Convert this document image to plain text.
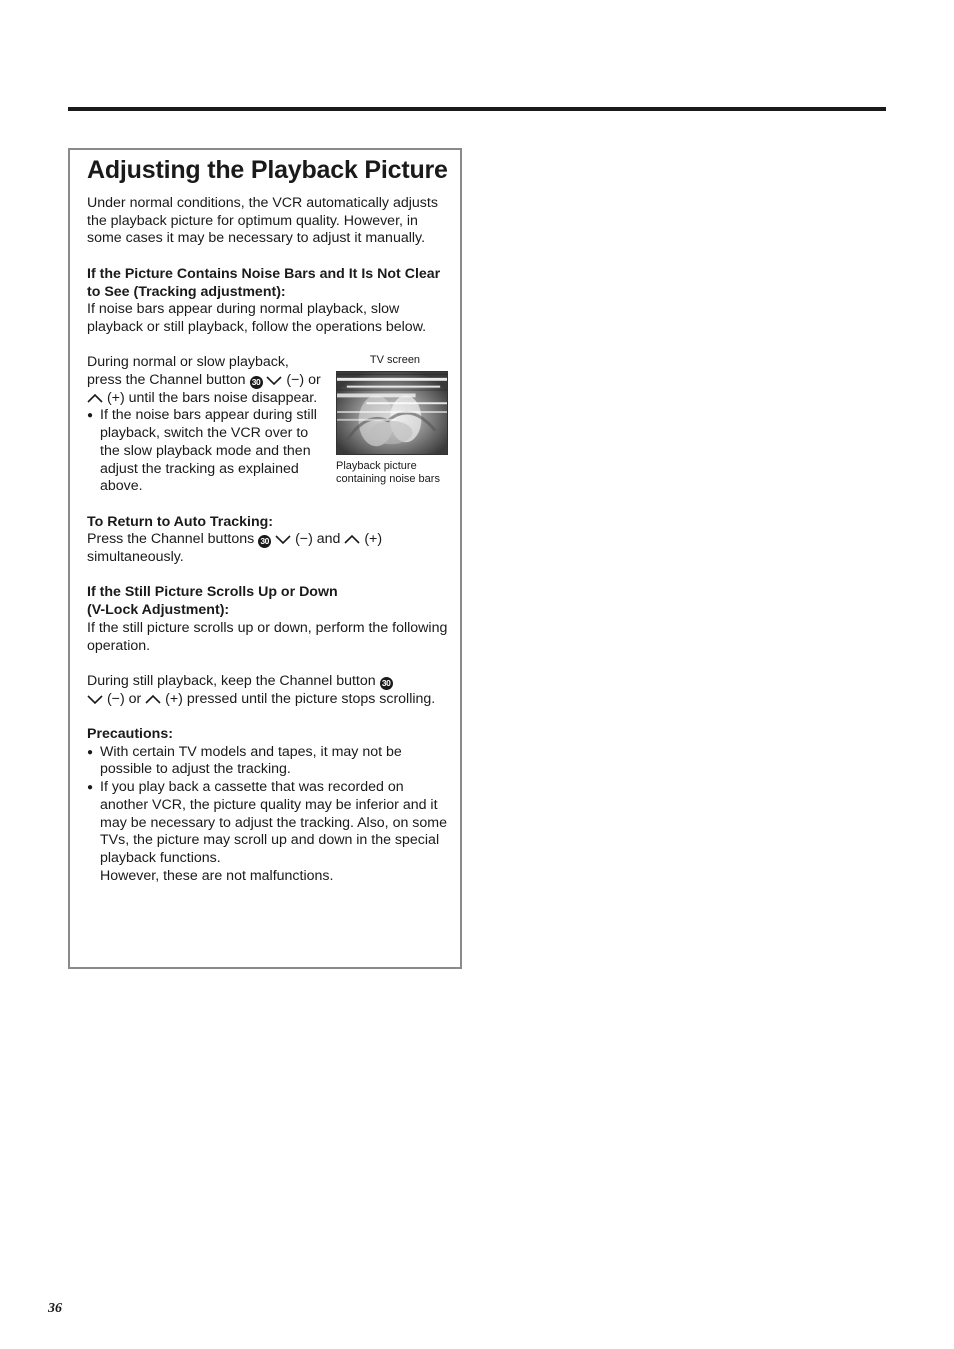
Adjusting the Playback Picture

Under normal conditions, the VCR automatically adjusts the playback picture for optimum quality. However, in some cases it may be necessary to adjust it manually.

If the Picture Contains Noise Bars and It Is Not Clear to See (Tracking adjustment):

If noise bars appear during normal playback, slow playback or still playback, follow the operations below.

During normal or slow playback, press the Channel button 30 (−) or  (+) until the bars noise disappear.

● If the noise bars appear during still playback, switch the VCR over to the slow playback mode and then adjust the tracking as explained above.

TV screen
Playback picture containing noise bars

To Return to Auto Tracking:

Press the Channel buttons 30 (−) and (+) simultaneously.

If the Still Picture Scrolls Up or Down
(V-Lock Adjustment):

If the still picture scrolls up or down, perform the following operation.

During still playback, keep the Channel button 30
(−) or (+) pressed until the picture stops scrolling.

Precautions:

● With certain TV models and tapes, it may not be possible to adjust the tracking.

● If you play back a cassette that was recorded on another VCR, the picture quality may be inferior and it may be necessary to adjust the tracking. Also, on some TVs, the picture may scroll up and down in the special playback functions.

However, these are not malfunctions.

36
